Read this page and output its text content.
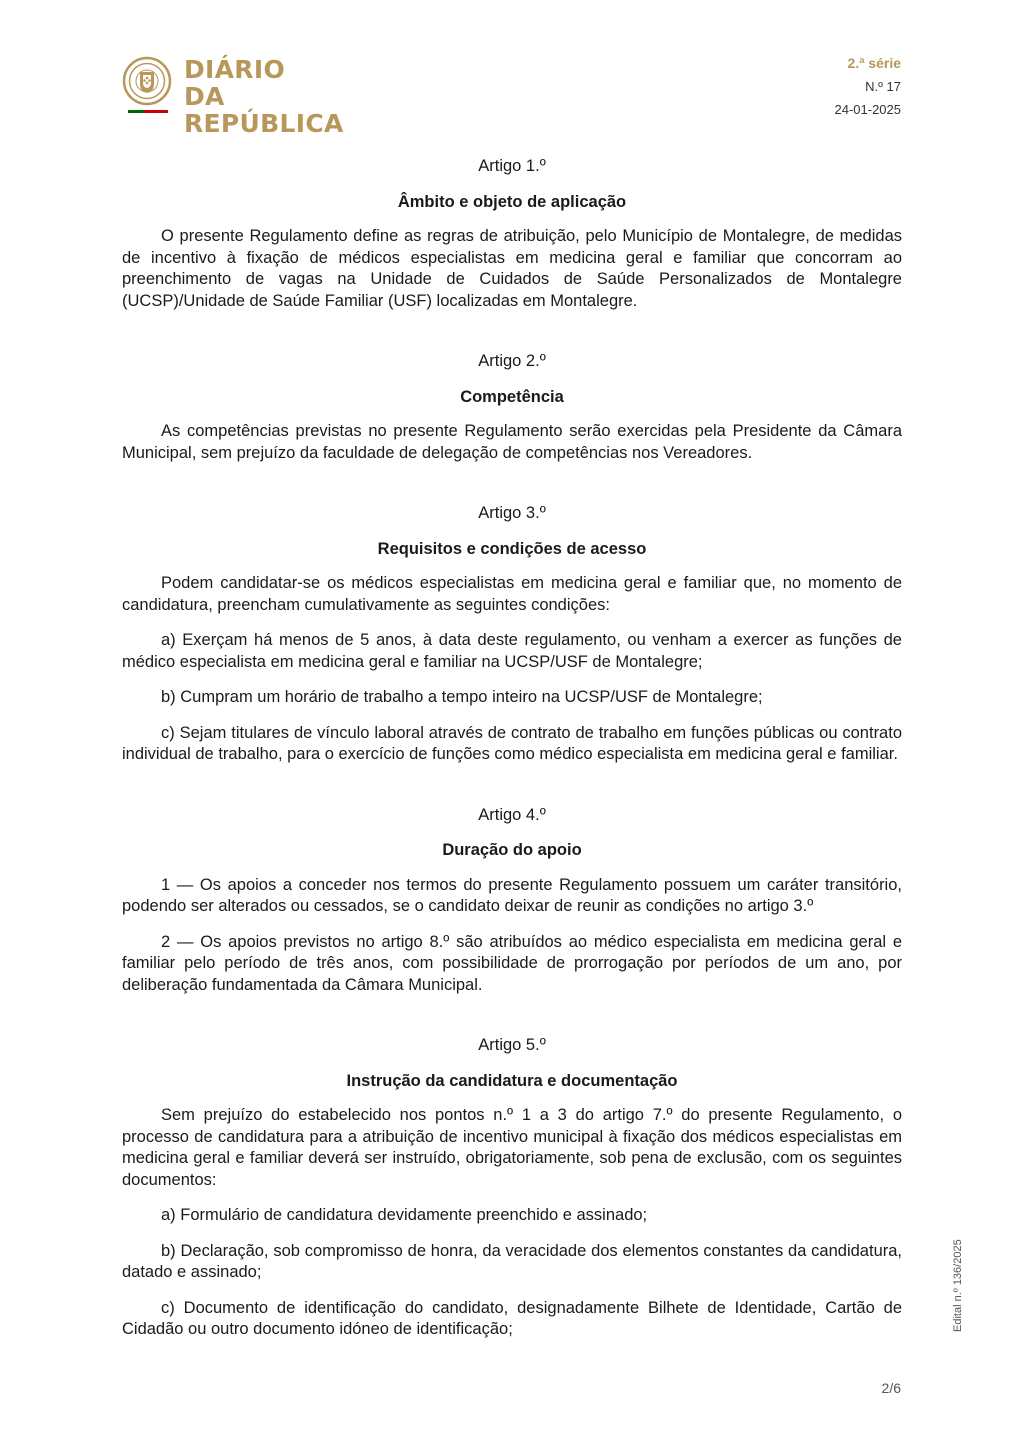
DIÁRIO
DA REPÚBLICA
2.ª série
N.º 17
24-01-2025
Artigo 1.º
Âmbito e objeto de aplicação

O presente Regulamento define as regras de atribuição, pelo Município de Montalegre, de medidas de incentivo à fixação de médicos especialistas em medicina geral e familiar que concorram ao preenchimento de vagas na Unidade de Cuidados de Saúde Personalizados de Montalegre (UCSP)/Unidade de Saúde Familiar (USF) localizadas em Montalegre.

Artigo 2.º
Competência

As competências previstas no presente Regulamento serão exercidas pela Presidente da Câmara Municipal, sem prejuízo da faculdade de delegação de competências nos Vereadores.

Artigo 3.º
Requisitos e condições de acesso

Podem candidatar-se os médicos especialistas em medicina geral e familiar que, no momento de candidatura, preencham cumulativamente as seguintes condições:

a) Exerçam há menos de 5 anos, à data deste regulamento, ou venham a exercer as funções de médico especialista em medicina geral e familiar na UCSP/USF de Montalegre;

b) Cumpram um horário de trabalho a tempo inteiro na UCSP/USF de Montalegre;

c) Sejam titulares de vínculo laboral através de contrato de trabalho em funções públicas ou contrato individual de trabalho, para o exercício de funções como médico especialista em medicina geral e familiar.

Artigo 4.º
Duração do apoio

1 — Os apoios a conceder nos termos do presente Regulamento possuem um caráter transitório, podendo ser alterados ou cessados, se o candidato deixar de reunir as condições no artigo 3.º

2 — Os apoios previstos no artigo 8.º são atribuídos ao médico especialista em medicina geral e familiar pelo período de três anos, com possibilidade de prorrogação por períodos de um ano, por deliberação fundamentada da Câmara Municipal.

Artigo 5.º
Instrução da candidatura e documentação

Sem prejuízo do estabelecido nos pontos n.º 1 a 3 do artigo 7.º do presente Regulamento, o processo de candidatura para a atribuição de incentivo municipal à fixação dos médicos especialistas em medicina geral e familiar deverá ser instruído, obrigatoriamente, sob pena de exclusão, com os seguintes documentos:

a) Formulário de candidatura devidamente preenchido e assinado;

b) Declaração, sob compromisso de honra, da veracidade dos elementos constantes da candidatura, datado e assinado;

c) Documento de identificação do candidato, designadamente Bilhete de Identidade, Cartão de Cidadão ou outro documento idóneo de identificação;	Edital n.º 136/2025
2/6
